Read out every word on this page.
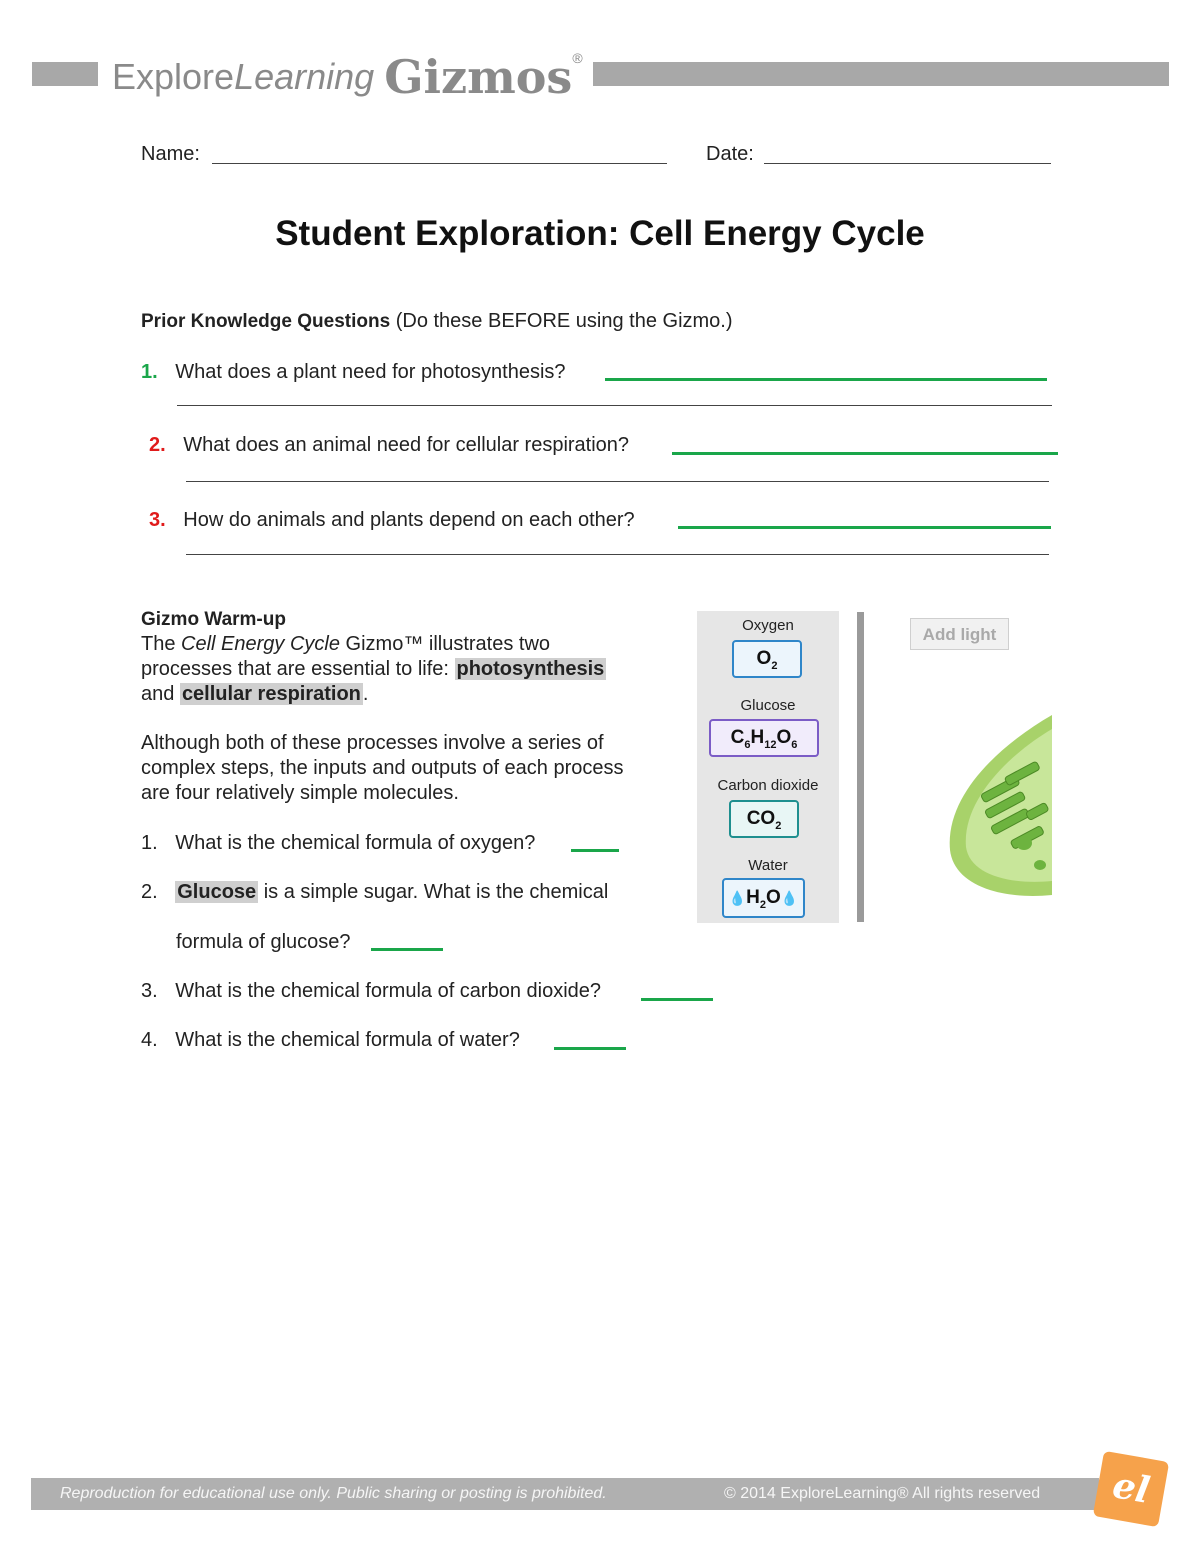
ExploreLearning Gizmos®
Name:	Date:
Student Exploration: Cell Energy Cycle
Prior Knowledge Questions (Do these BEFORE using the Gizmo.)
1. What does a plant need for photosynthesis?
2. What does an animal need for cellular respiration?
3. How do animals and plants depend on each other?
Gizmo Warm-up
The Cell Energy Cycle Gizmo™ illustrates two
processes that are essential to life: photosynthesis
and cellular respiration .
Although both of these processes involve a series of
complex steps, the inputs and outputs of each process
are four relatively simple molecules.
1. What is the chemical formula of oxygen?
2. Glucose is a simple sugar. What is the chemical
formula of glucose?
3. What is the chemical formula of carbon dioxide?
4. What is the chemical formula of water?
Oxygen
$O_2$
Glucose
$C_6H_{12}O_6$
Carbon dioxide
$CO_2$
Water
$💧H_2O💧$
Add light
Reproduction for educational use only. Public sharing or posting is prohibited.	© 2014 ExploreLearning® All rights reserved	el
